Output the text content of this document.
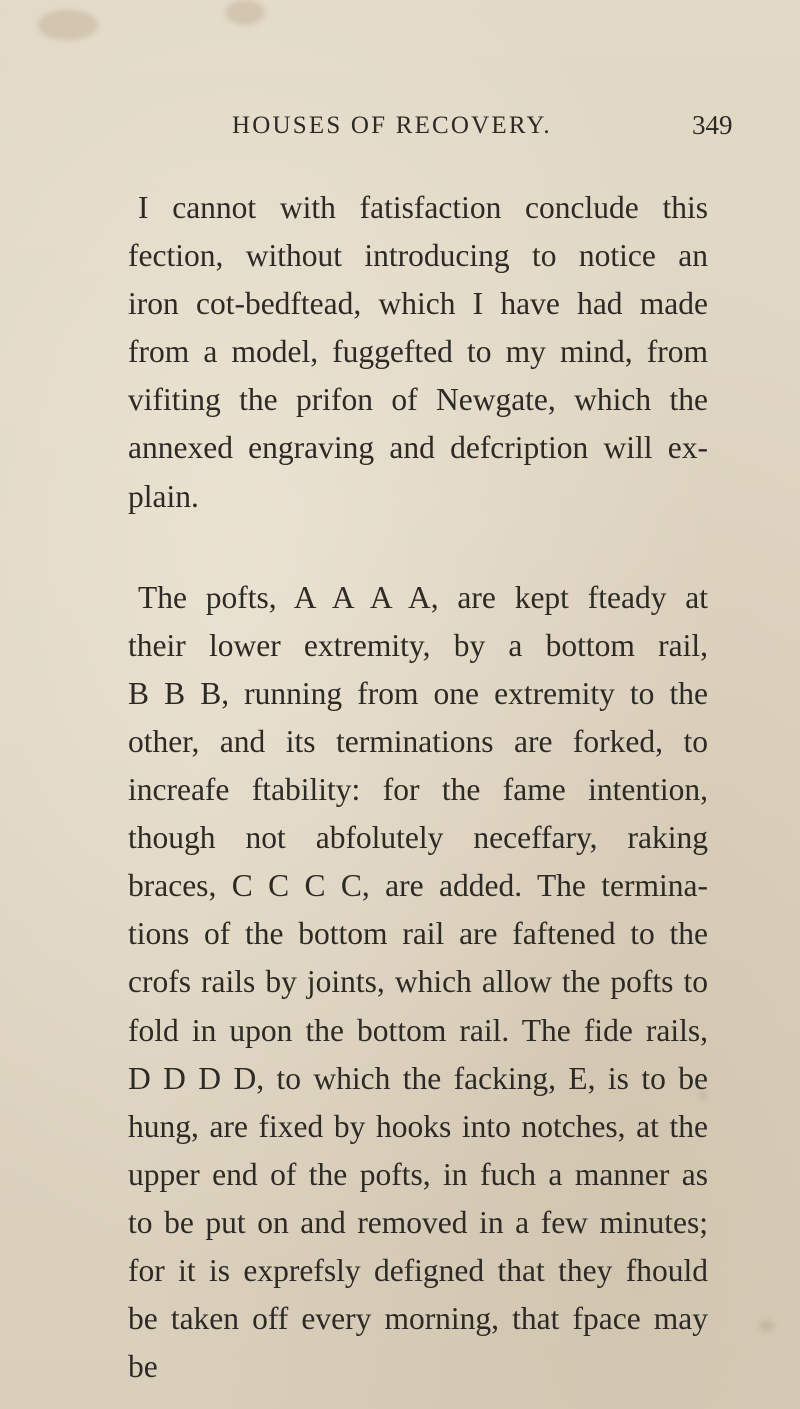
HOUSES OF RECOVERY.	349
I cannot with fatisfaction conclude this
fection, without introducing to notice an
iron cot-bedftead, which I have had made
from a model, fuggefted to my mind, from
vifiting the prifon of Newgate, which the
annexed engraving and defcription will ex-
plain.
The pofts, A A A A, are kept fteady at
their lower extremity, by a bottom rail,
B B B, running from one extremity to the
other, and its terminations are forked, to
increafe ftability: for the fame intention,
though not abfolutely neceffary, raking
braces, C C C C, are added. The termina-
tions of the bottom rail are faftened to the
crofs rails by joints, which allow the pofts to
fold in upon the bottom rail. The fide rails,
D D D D, to which the facking, E, is to be
hung, are fixed by hooks into notches, at the
upper end of the pofts, in fuch a manner as
to be put on and removed in a few minutes;
for it is exprefsly defigned that they fhould
be taken off every morning, that fpace may
be
